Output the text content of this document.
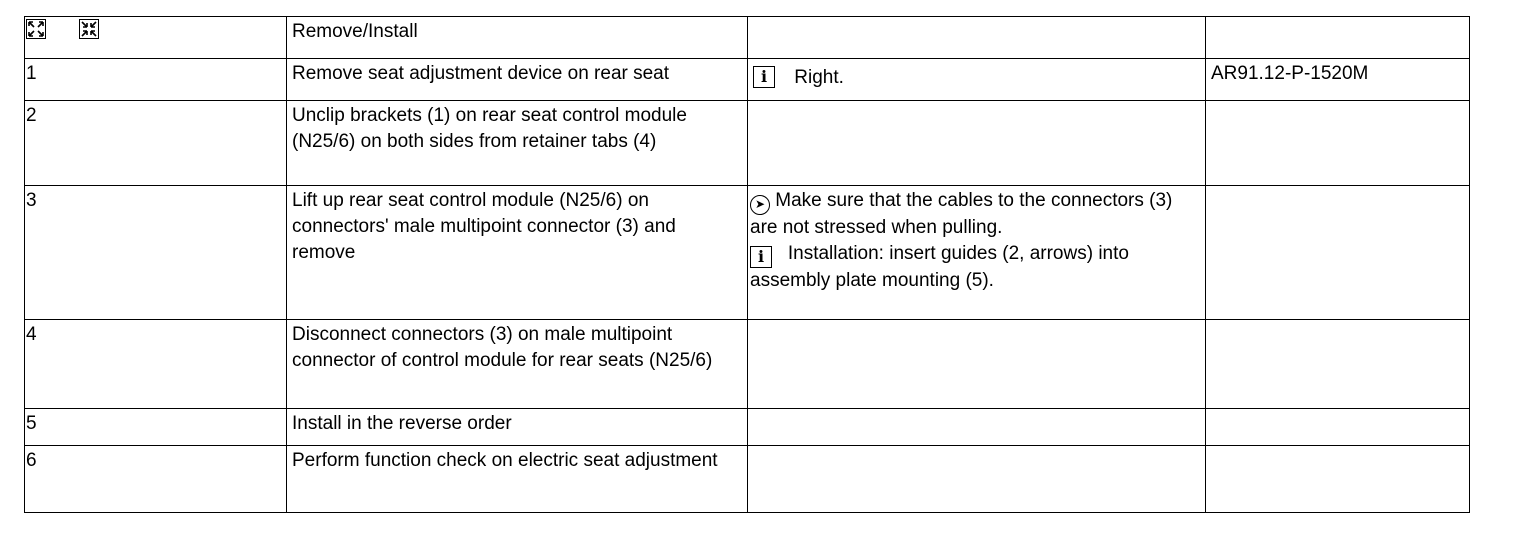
	Remove/Install		
1	Remove seat adjustment device on rear seat	i Right.	AR91.12-P-1520M
2	Unclip brackets (1) on rear seat control module (N25/6) on both sides from retainer tabs (4)		
3	Lift up rear seat control module (N25/6) on connectors' male multipoint connector (3) and remove	➤ Make sure that the cables to the connectors (3) are not stressed when pulling.
i Installation: insert guides (2, arrows) into assembly plate mounting (5).	
4	Disconnect connectors (3) on male multipoint connector of control module for rear seats (N25/6)		
5	Install in the reverse order		
6	Perform function check on electric seat adjustment		
